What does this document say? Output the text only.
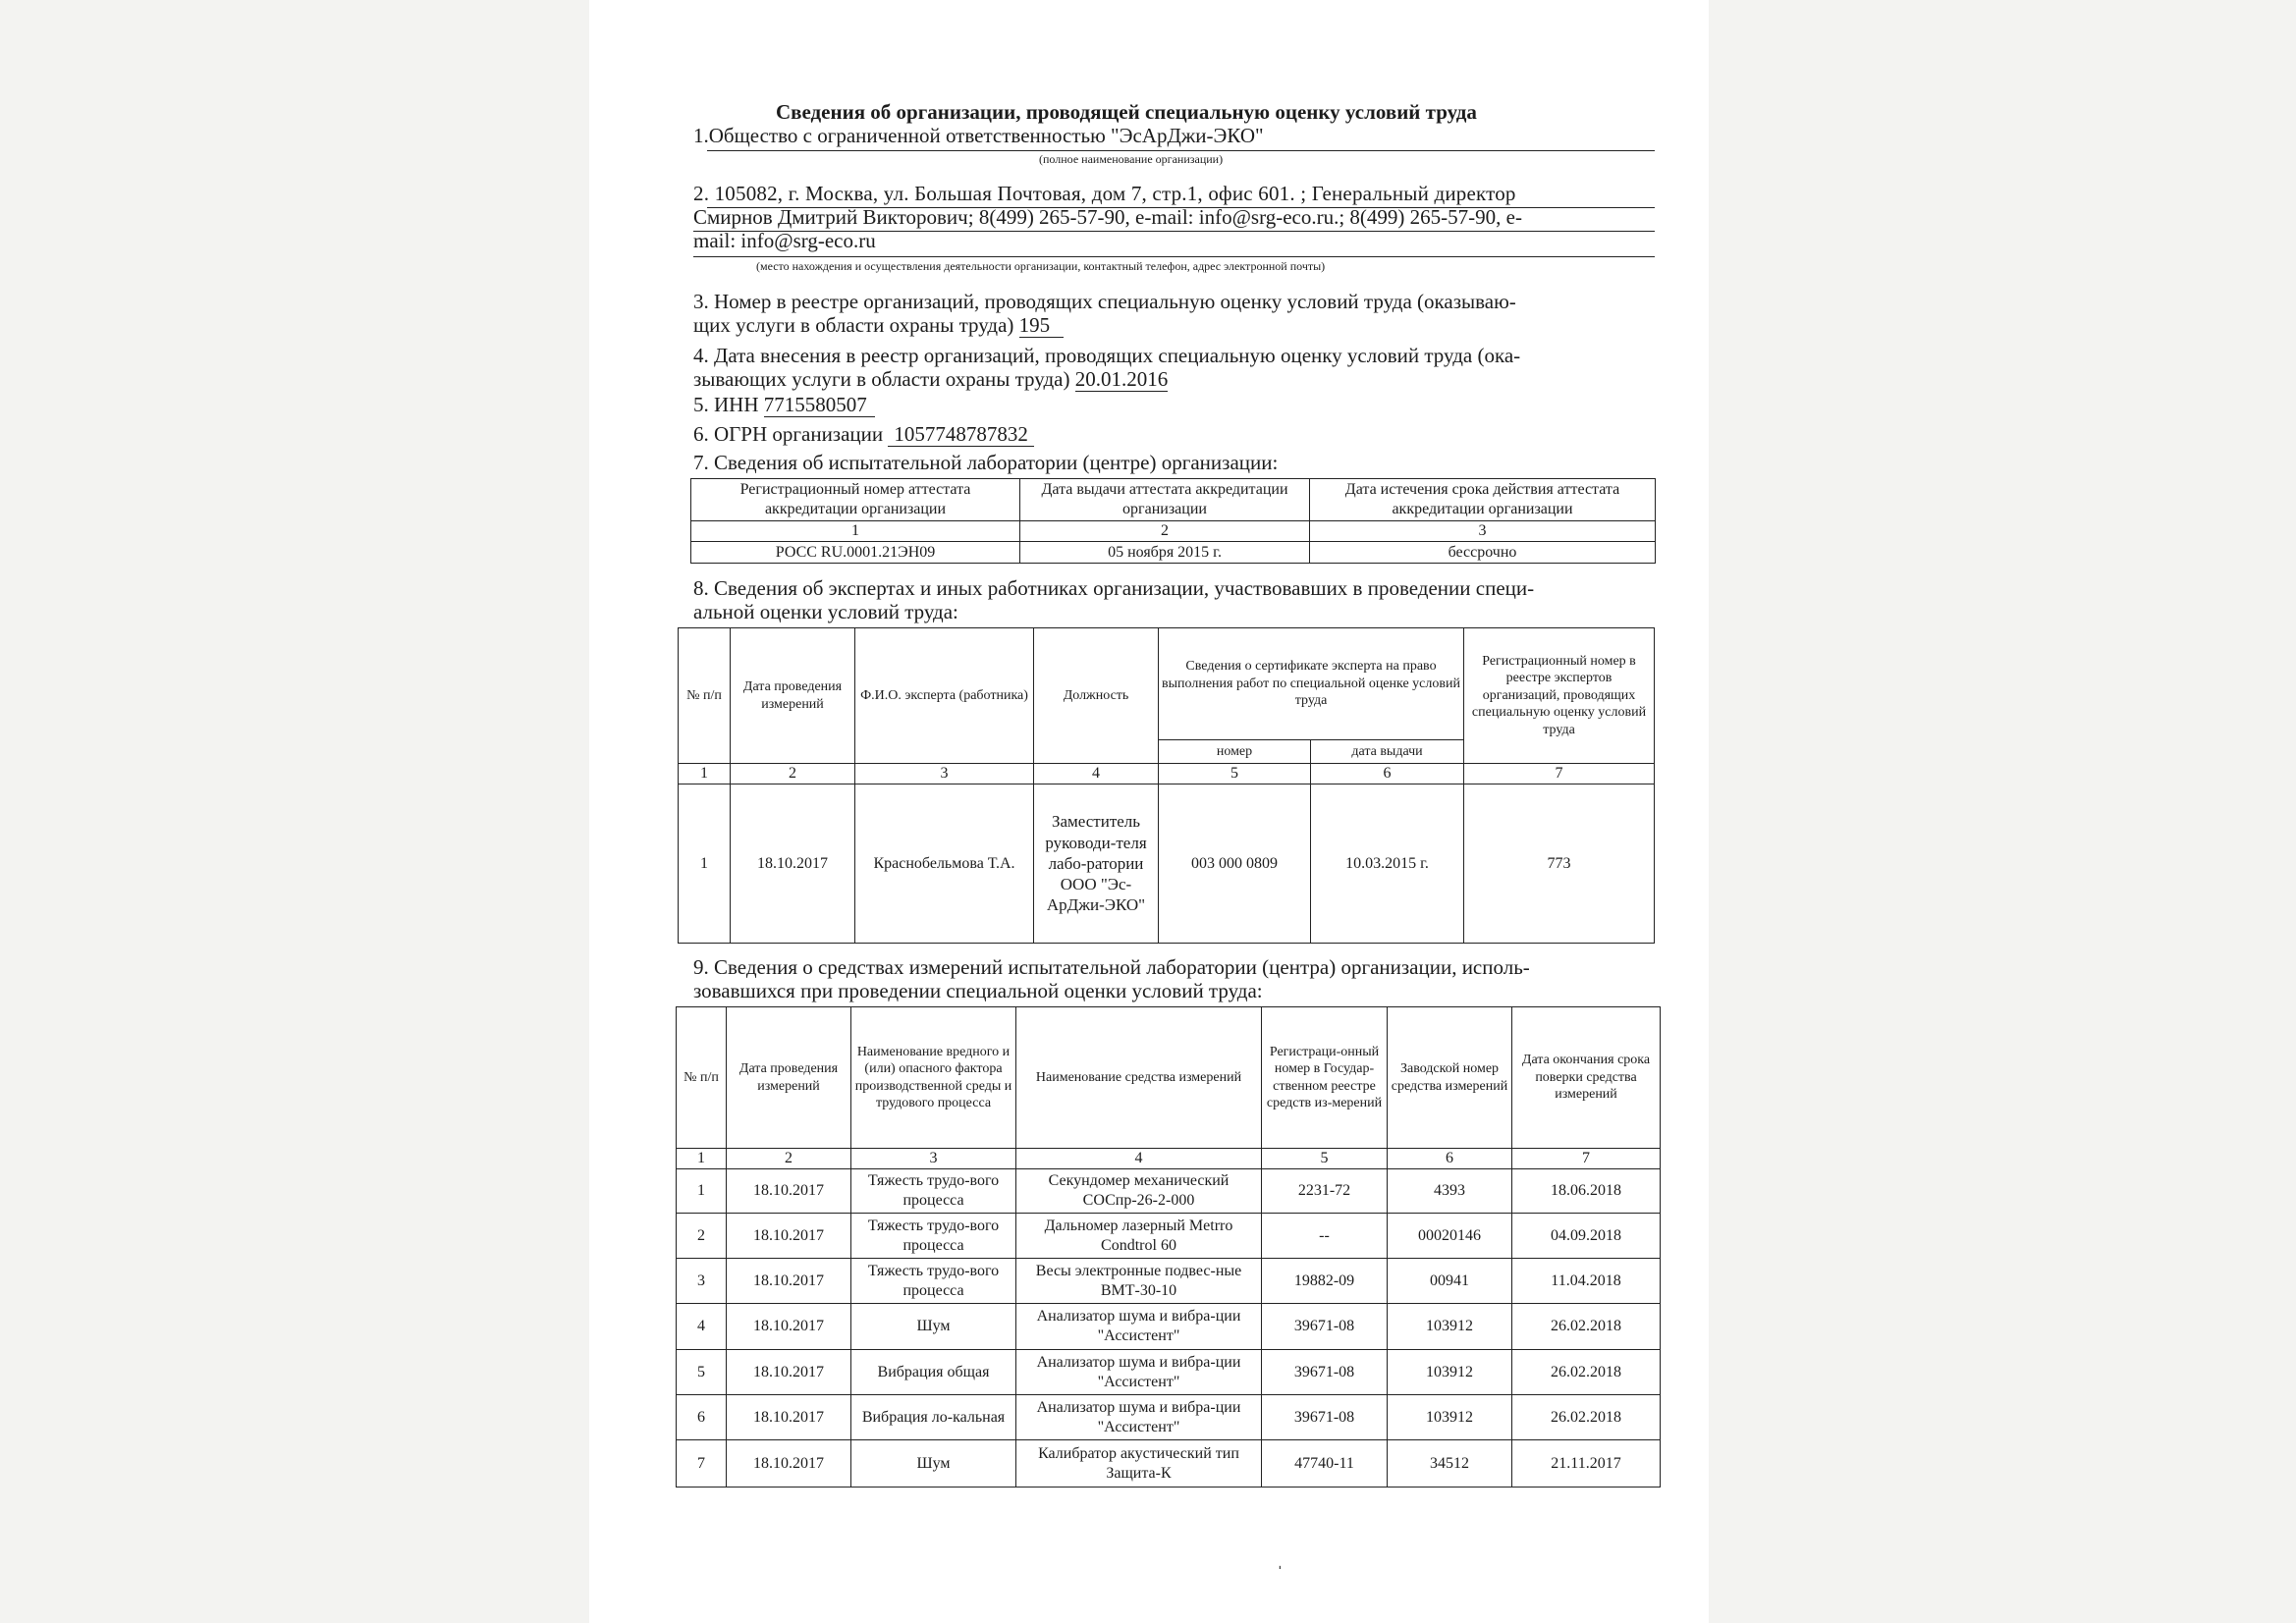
Сведения об организации, проводящей специальную оценку условий труда
1.Общество с ограниченной ответственностью "ЭсАрДжи-ЭКО"
(полное наименование организации)
2. 105082, г. Москва, ул. Большая Почтовая, дом 7, стр.1, офис 601. ; Генеральный директор
Смирнов Дмитрий Викторович; 8(499) 265-57-90, e-mail: info@srg-eco.ru.; 8(499) 265-57-90, e-
mail: info@srg-eco.ru
(место нахождения и осуществления деятельности организации, контактный телефон, адрес электронной почты)
3. Номер в реестре организаций, проводящих специальную оценку условий труда (оказываю-
щих услуги в области охраны труда) 195
4. Дата внесения в реестр организаций, проводящих специальную оценку условий труда (ока-
зывающих услуги в области охраны труда) 20.01.2016
5. ИНН 7715580507
6. ОГРН организации 1057748787832
7. Сведения об испытательной лаборатории (центре) организации:
Регистрационный номер аттестата аккредитации организации	Дата выдачи аттестата аккредитации организации	Дата истечения срока действия аттестата аккредитации организации
1	2	3
РОСС RU.0001.21ЭН09	05 ноября 2015 г.	бессрочно
8. Сведения об экспертах и иных работниках организации, участвовавших в проведении специ-
альной оценки условий труда:
№ п/п	Дата проведения измерений	Ф.И.О. эксперта (работника)	Должность	Сведения о сертификате эксперта на право выполнения работ по специальной оценке условий труда		Регистрационный номер в реестре экспертов организаций, проводящих специальную оценку условий труда
				номер	дата выдачи	
1	2	3	4	5	6	7
1	18.10.2017	Краснобельмова Т.А.	Заместитель руководи-теля лабо-ратории ООО "Эс-АрДжи-ЭКО"	003 000 0809	10.03.2015 г.	773
9. Сведения о средствах измерений испытательной лаборатории (центра) организации, исполь-
зовавшихся при проведении специальной оценки условий труда:
№ п/п	Дата проведения измерений	Наименование вредного и (или) опасного фактора производственной среды и трудового процесса	Наименование средства измерений	Регистраци-онный номер в Государ-ственном реестре средств из-мерений	Заводской номер средства измерений	Дата окончания срока поверки средства измерений
1	2	3	4	5	6	7
1	18.10.2017	Тяжесть трудо-вого процесса	Секундомер механический СОСпр-26-2-000	2231-72	4393	18.06.2018
2	18.10.2017	Тяжесть трудо-вого процесса	Дальномер лазерный Metrro Condtrol 60	--	00020146	04.09.2018
3	18.10.2017	Тяжесть трудо-вого процесса	Весы электронные подвес-ные ВМТ-30-10	19882-09	00941	11.04.2018
4	18.10.2017	Шум	Анализатор шума и вибра-ции "Ассистент"	39671-08	103912	26.02.2018
5	18.10.2017	Вибрация общая	Анализатор шума и вибра-ции "Ассистент"	39671-08	103912	26.02.2018
6	18.10.2017	Вибрация ло-кальная	Анализатор шума и вибра-ции "Ассистент"	39671-08	103912	26.02.2018
7	18.10.2017	Шум	Калибратор акустический тип Защита-К	47740-11	34512	21.11.2017
ˈ
